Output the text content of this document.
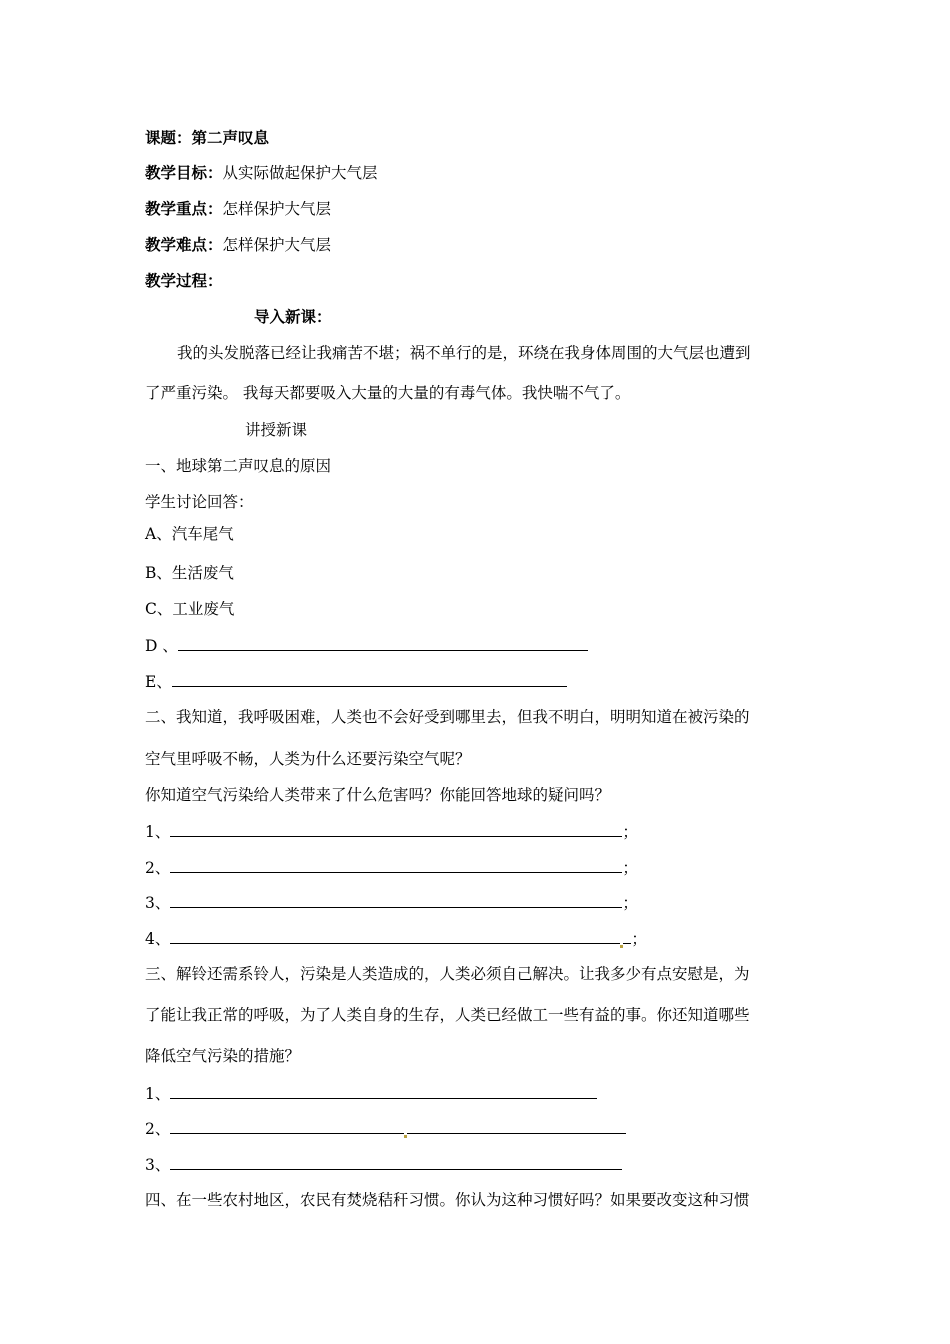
课题：第二声叹息
教学目标：从实际做起保护大气层
教学重点：怎样保护大气层
教学难点：怎样保护大气层
教学过程：
导入新课：
我的头发脱落已经让我痛苦不堪；祸不单行的是，环绕在我身体周围的大气层也遭到
了严重污染。 我每天都要吸入大量的大量的有毒气体。我快喘不气了。
讲授新课
一、地球第二声叹息的原因
学生讨论回答：
A、汽车尾气
B、生活废气
C、工业废气
D 、
E、
二、我知道，我呼吸困难，人类也不会好受到哪里去，但我不明白，明明知道在被污染的
空气里呼吸不畅，人类为什么还要污染空气呢？
你知道空气污染给人类带来了什么危害吗？你能回答地球的疑问吗？
1、	；
2、	；
3、	；
4、	；
三、解铃还需系铃人，污染是人类造成的，人类必须自己解决。让我多少有点安慰是，为
了能让我正常的呼吸，为了人类自身的生存，人类已经做工一些有益的事。你还知道哪些
降低空气污染的措施？
1、
2、
3、
四、在一些农村地区，农民有焚烧秸秆习惯。你认为这种习惯好吗？如果要改变这种习惯
